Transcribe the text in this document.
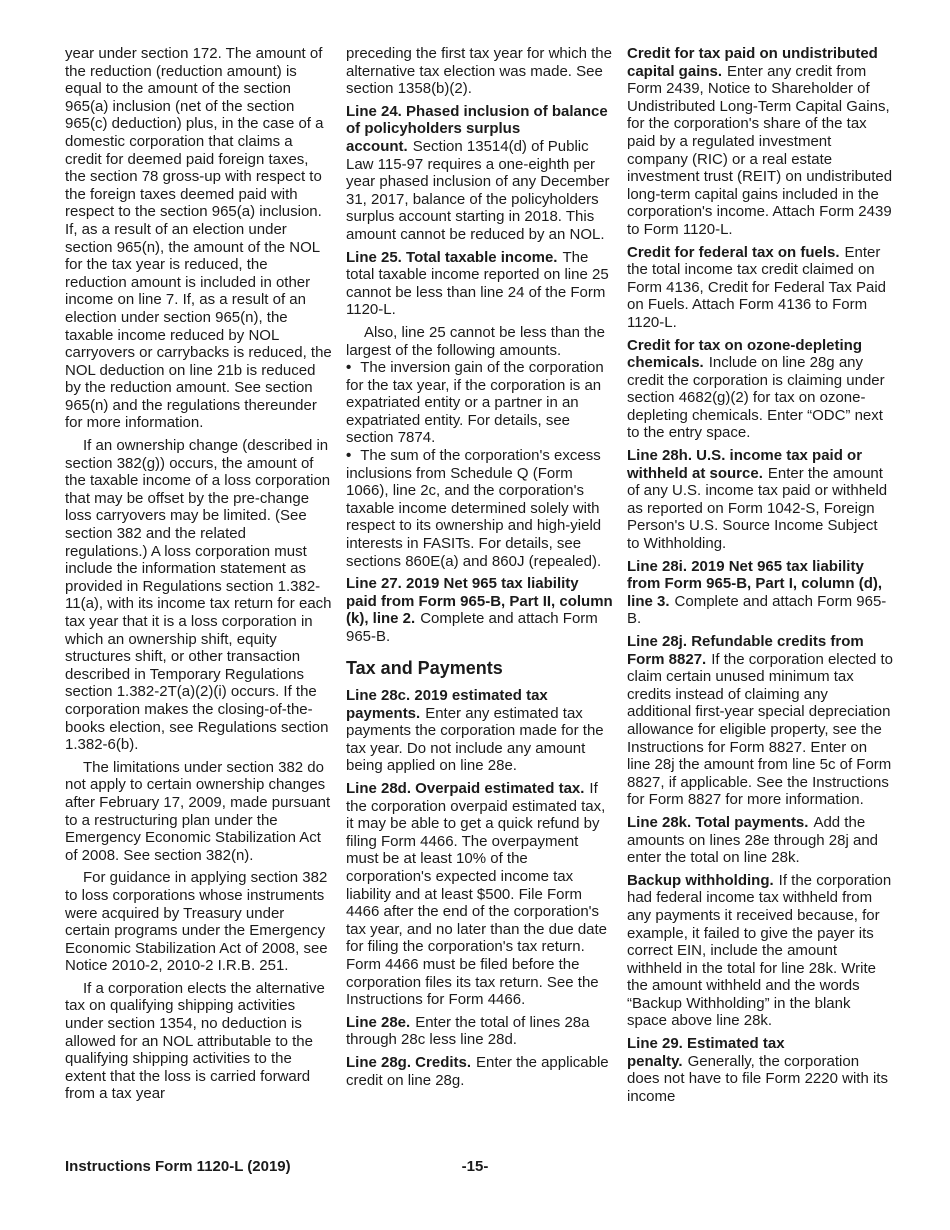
year under section 172. The amount of the reduction (reduction amount) is equal to the amount of the section 965(a) inclusion (net of the section 965(c) deduction) plus, in the case of a domestic corporation that claims a credit for deemed paid foreign taxes, the section 78 gross-up with respect to the foreign taxes deemed paid with respect to the section 965(a) inclusion. If, as a result of an election under section 965(n), the amount of the NOL for the tax year is reduced, the reduction amount is included in other income on line 7. If, as a result of an election under section 965(n), the taxable income reduced by NOL carryovers or carrybacks is reduced, the NOL deduction on line 21b is reduced by the reduction amount. See section 965(n) and the regulations thereunder for more information.
If an ownership change (described in section 382(g)) occurs, the amount of the taxable income of a loss corporation that may be offset by the pre-change loss carryovers may be limited. (See section 382 and the related regulations.) A loss corporation must include the information statement as provided in Regulations section 1.382-11(a), with its income tax return for each tax year that it is a loss corporation in which an ownership shift, equity structures shift, or other transaction described in Temporary Regulations section 1.382-2T(a)(2)(i) occurs. If the corporation makes the closing-of-the-books election, see Regulations section 1.382-6(b).
The limitations under section 382 do not apply to certain ownership changes after February 17, 2009, made pursuant to a restructuring plan under the Emergency Economic Stabilization Act of 2008. See section 382(n).
For guidance in applying section 382 to loss corporations whose instruments were acquired by Treasury under certain programs under the Emergency Economic Stabilization Act of 2008, see Notice 2010-2, 2010-2 I.R.B. 251.
If a corporation elects the alternative tax on qualifying shipping activities under section 1354, no deduction is allowed for an NOL attributable to the qualifying shipping activities to the extent that the loss is carried forward from a tax year
preceding the first tax year for which the alternative tax election was made. See section 1358(b)(2).
Line 24. Phased inclusion of balance of policyholders surplus account. Section 13514(d) of Public Law 115-97 requires a one-eighth per year phased inclusion of any December 31, 2017, balance of the policyholders surplus account starting in 2018. This amount cannot be reduced by an NOL.
Line 25. Total taxable income. The total taxable income reported on line 25 cannot be less than line 24 of the Form 1120-L.
Also, line 25 cannot be less than the largest of the following amounts.
• The inversion gain of the corporation for the tax year, if the corporation is an expatriated entity or a partner in an expatriated entity. For details, see section 7874.
• The sum of the corporation's excess inclusions from Schedule Q (Form 1066), line 2c, and the corporation's taxable income determined solely with respect to its ownership and high-yield interests in FASITs. For details, see sections 860E(a) and 860J (repealed).
Line 27. 2019 Net 965 tax liability paid from Form 965-B, Part II, column (k), line 2. Complete and attach Form 965-B.
Tax and Payments
Line 28c. 2019 estimated tax payments. Enter any estimated tax payments the corporation made for the tax year. Do not include any amount being applied on line 28e.
Line 28d. Overpaid estimated tax. If the corporation overpaid estimated tax, it may be able to get a quick refund by filing Form 4466. The overpayment must be at least 10% of the corporation's expected income tax liability and at least $500. File Form 4466 after the end of the corporation's tax year, and no later than the due date for filing the corporation's tax return. Form 4466 must be filed before the corporation files its tax return. See the Instructions for Form 4466.
Line 28e. Enter the total of lines 28a through 28c less line 28d.
Line 28g. Credits. Enter the applicable credit on line 28g.
Credit for tax paid on undistributed capital gains. Enter any credit from Form 2439, Notice to Shareholder of Undistributed Long-Term Capital Gains, for the corporation's share of the tax paid by a regulated investment company (RIC) or a real estate investment trust (REIT) on undistributed long-term capital gains included in the corporation's income. Attach Form 2439 to Form 1120-L.
Credit for federal tax on fuels. Enter the total income tax credit claimed on Form 4136, Credit for Federal Tax Paid on Fuels. Attach Form 4136 to Form 1120-L.
Credit for tax on ozone-depleting chemicals. Include on line 28g any credit the corporation is claiming under section 4682(g)(2) for tax on ozone-depleting chemicals. Enter “ODC” next to the entry space.
Line 28h. U.S. income tax paid or withheld at source. Enter the amount of any U.S. income tax paid or withheld as reported on Form 1042-S, Foreign Person's U.S. Source Income Subject to Withholding.
Line 28i. 2019 Net 965 tax liability from Form 965-B, Part I, column (d), line 3. Complete and attach Form 965-B.
Line 28j. Refundable credits from Form 8827. If the corporation elected to claim certain unused minimum tax credits instead of claiming any additional first-year special depreciation allowance for eligible property, see the Instructions for Form 8827. Enter on line 28j the amount from line 5c of Form 8827, if applicable. See the Instructions for Form 8827 for more information.
Line 28k. Total payments. Add the amounts on lines 28e through 28j and enter the total on line 28k.
Backup withholding. If the corporation had federal income tax withheld from any payments it received because, for example, it failed to give the payer its correct EIN, include the amount withheld in the total for line 28k. Write the amount withheld and the words “Backup Withholding” in the blank space above line 28k.
Line 29. Estimated tax penalty. Generally, the corporation does not have to file Form 2220 with its income
Instructions Form 1120-L (2019)	-15-
